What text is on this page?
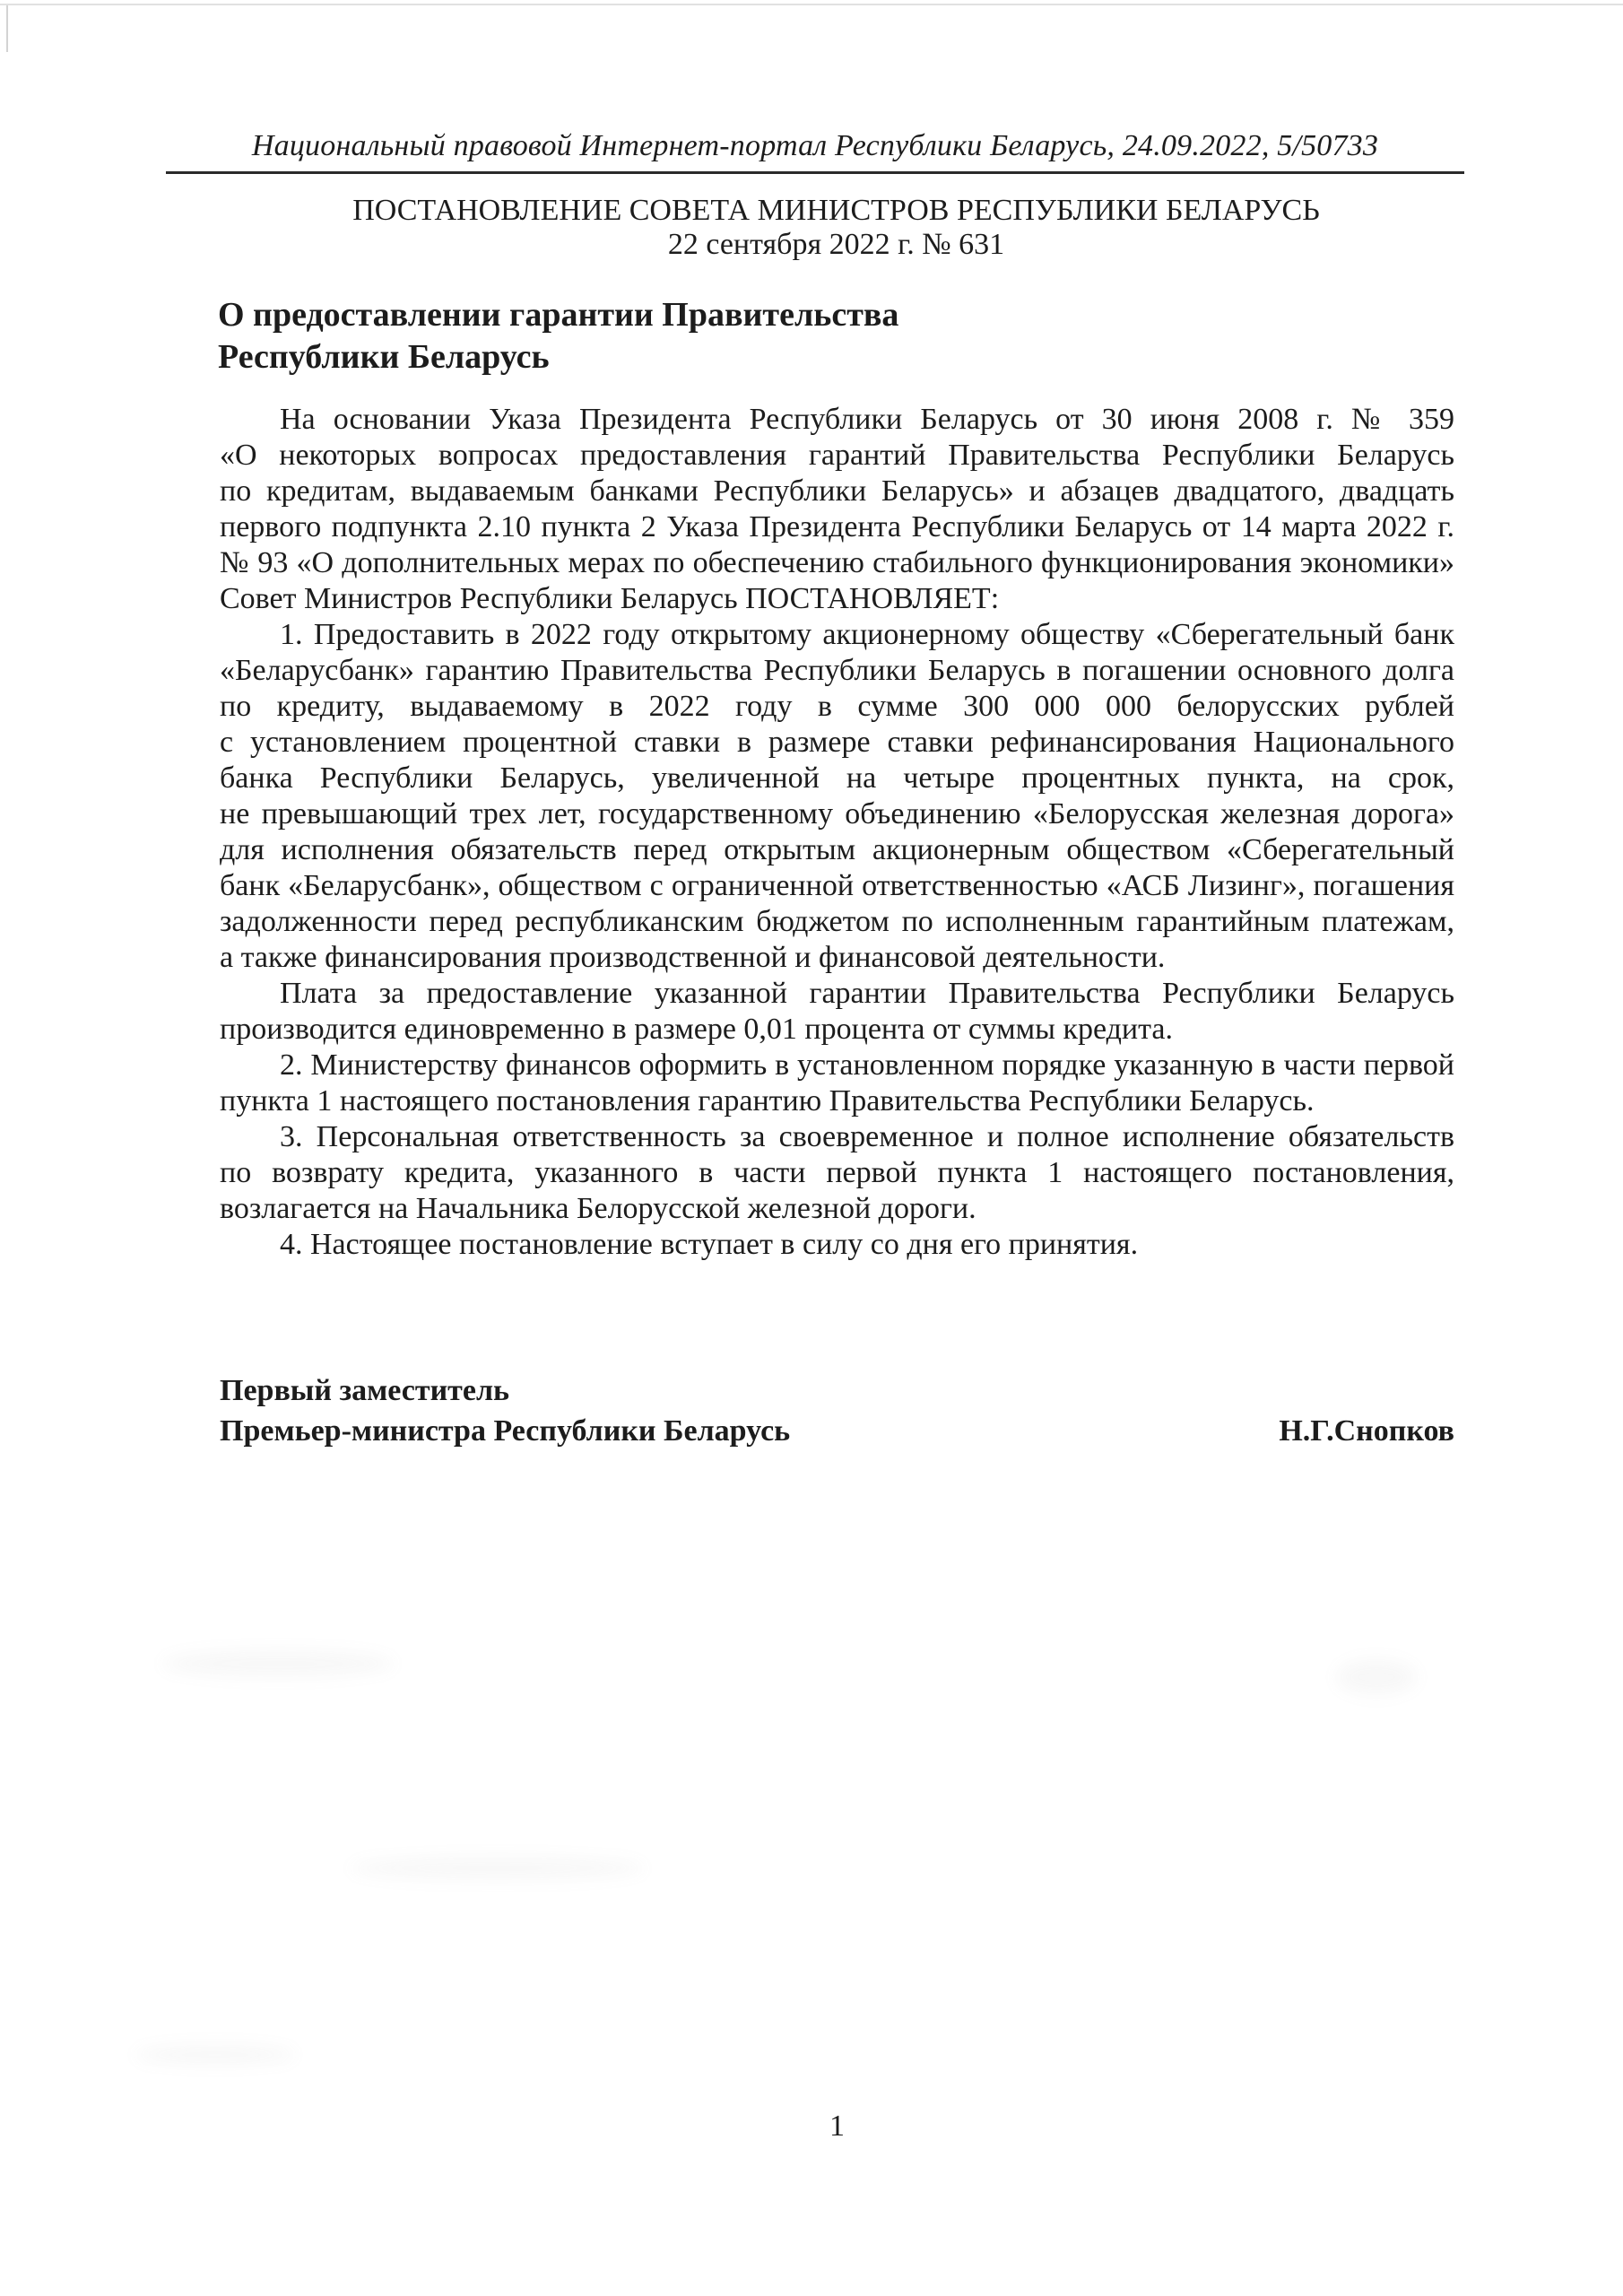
Национальный правовой Интернет-портал Республики Беларусь, 24.09.2022, 5/50733
ПОСТАНОВЛЕНИЕ СОВЕТА МИНИСТРОВ РЕСПУБЛИКИ БЕЛАРУСЬ
22 сентября 2022 г. № 631
О предоставлении гарантии Правительства Республики Беларусь

На основании Указа Президента Республики Беларусь от 30 июня 2008 г. № 359 «О некоторых вопросах предоставления гарантий Правительства Республики Беларусь по кредитам, выдаваемым банками Республики Беларусь» и абзацев двадцатого, двадцать первого подпункта 2.10 пункта 2 Указа Президента Республики Беларусь от 14 марта 2022 г. № 93 «О дополнительных мерах по обеспечению стабильного функционирования экономики» Совет Министров Республики Беларусь ПОСТАНОВЛЯЕТ:

1. Предоставить в 2022 году открытому акционерному обществу «Сберегательный банк «Беларусбанк» гарантию Правительства Республики Беларусь в погашении основного долга по кредиту, выдаваемому в 2022 году в сумме 300 000 000 белорусских рублей с установлением процентной ставки в размере ставки рефинансирования Национального банка Республики Беларусь, увеличенной на четыре процентных пункта, на срок, не превышающий трех лет, государственному объединению «Белорусская железная дорога» для исполнения обязательств перед открытым акционерным обществом «Сберегательный банк «Беларусбанк», обществом с ограниченной ответственностью «АСБ Лизинг», погашения задолженности перед республиканским бюджетом по исполненным гарантийным платежам, а также финансирования производственной и финансовой деятельности.

Плата за предоставление указанной гарантии Правительства Республики Беларусь производится единовременно в размере 0,01 процента от суммы кредита.

2. Министерству финансов оформить в установленном порядке указанную в части первой пункта 1 настоящего постановления гарантию Правительства Республики Беларусь.

3. Персональная ответственность за своевременное и полное исполнение обязательств по возврату кредита, указанного в части первой пункта 1 настоящего постановления, возлагается на Начальника Белорусской железной дороги.

4. Настоящее постановление вступает в силу со дня его принятия.

Первый заместитель
Премьер-министра Республики Беларусь	Н.Г.Снопков
1
